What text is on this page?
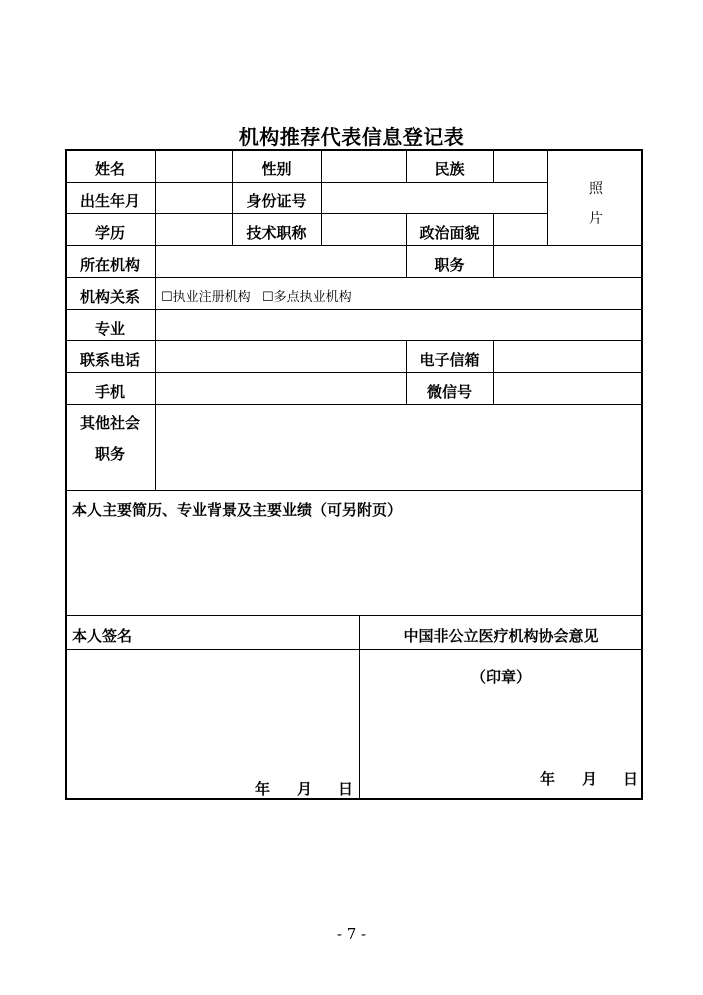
机构推荐代表信息登记表
姓名	性别	民族
照
片
出生年月	身份证号
学历	技术职称	政治面貌
所在机构	职务
机构关系	☐执业注册机构 ☐多点执业机构
专业
联系电话	电子信箱
手机	微信号
其他社会
职务
本人主要简历、专业背景及主要业绩（可另附页）
本人签名	中国非公立医疗机构协会意见
（印章）
年 月 日
年 月 日
- 7 -
